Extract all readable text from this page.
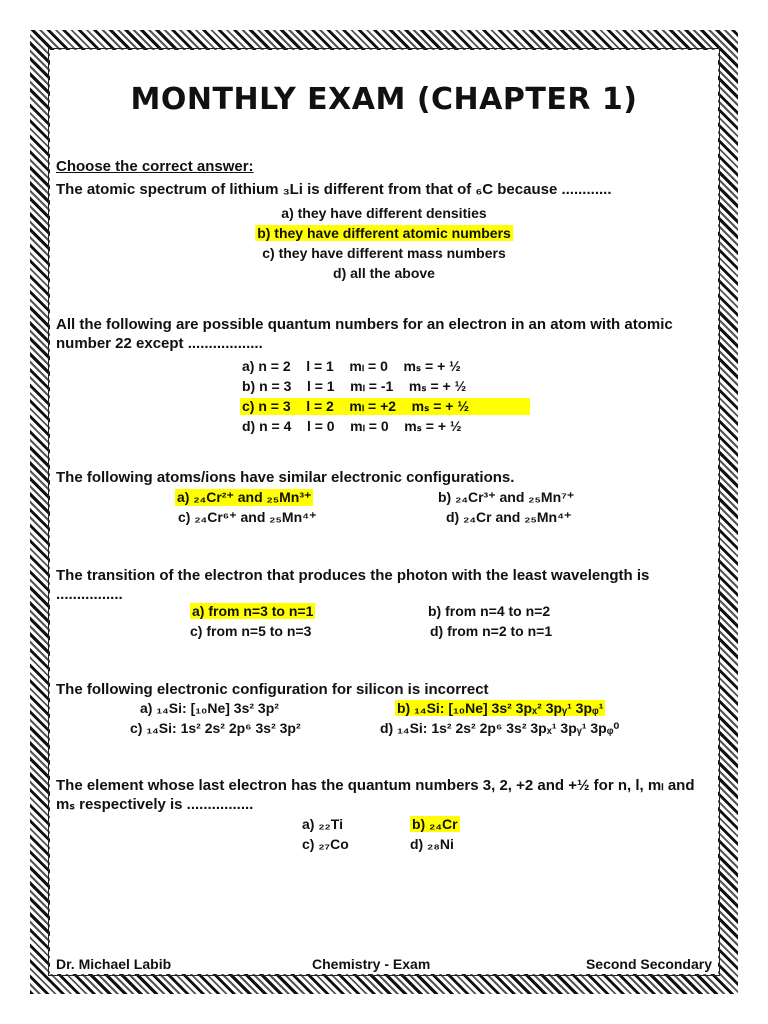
MONTHLY EXAM (CHAPTER 1)
Choose the correct answer:
The atomic spectrum of lithium ₃Li is different from that of ₆C because ............
a) they have different densities
b) they have different atomic numbers
c) they have different mass numbers
d) all the above
All the following are possible quantum numbers for an electron in an atom with atomic number 22 except ..................
a) n = 2    l = 1    mₗ = 0    mₛ = + ½
b) n = 3    l = 1    mₗ = -1    mₛ = + ½
c) n = 3    l = 2    mₗ = +2    mₛ = + ½
d) n = 4    l = 0    mₗ = 0    mₛ = + ½
The following atoms/ions have similar electronic configurations.
a) ₂₄Cr²⁺ and ₂₅Mn³⁺	b) ₂₄Cr³⁺ and ₂₅Mn⁷⁺
c) ₂₄Cr⁶⁺ and ₂₅Mn⁴⁺	d) ₂₄Cr and ₂₅Mn⁴⁺
The transition of the electron that produces the photon with the least wavelength is ................
a) from n=3 to n=1	b) from n=4 to n=2
c) from n=5 to n=3	d) from n=2 to n=1
The following electronic configuration for silicon is incorrect
a) ₁₄Si: [₁₀Ne] 3s² 3p²	b) ₁₄Si: [₁₀Ne] 3s² 3pₓ² 3pᵧ¹ 3pᵩ¹
c) ₁₄Si: 1s² 2s² 2p⁶ 3s² 3p²	d) ₁₄Si: 1s² 2s² 2p⁶ 3s² 3pₓ¹ 3pᵧ¹ 3pᵩ⁰
The element whose last electron has the quantum numbers 3, 2, +2 and +½ for n, l, mₗ and mₛ respectively is ................
a) ₂₂Ti	b) ₂₄Cr
c) ₂₇Co	d) ₂₈Ni
Dr. Michael Labib	Chemistry - Exam	Second Secondary
